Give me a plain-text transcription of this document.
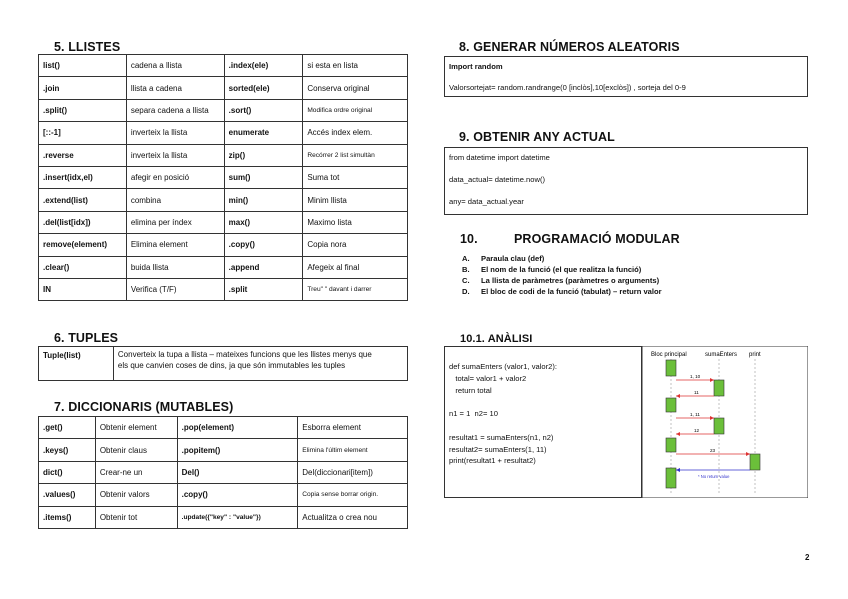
5. LLISTES
list()	cadena a llista	.index(ele)	si esta en lista
.join	llista a cadena	sorted(ele)	Conserva original
.split()	separa cadena a llista	.sort()	Modifica ordre original
[::-1]	inverteix la llista	enumerate	Accés index elem.
.reverse	inverteix la llista	zip()	Recórrer 2 list simultàn
.insert(idx,el)	afegir en posició	sum()	Suma tot
.extend(list)	combina	min()	Minim llista
.del(list[idx])	elimina per índex	max()	Maximo lista
remove(element)	Elimina element	.copy()	Copia nora
.clear()	buida llista	.append	Afegeix al final
IN	Verifica (T/F)	.split	Treu" " davant i darrer
6. TUPLES
Tuple(list)	Converteix la tupa a llista – mateixes funcions que les llistes menys que
els que canvien coses de dins, ja que són immutables les tuples
7. DICCIONARIS (MUTABLES)
.get()	Obtenir element	.pop(element)	Esborra element
.keys()	Obtenir claus	.popitem()	Elimina l'últim element
dict()	Crear-ne un	Del()	Del(diccionari[item])
.values()	Obtenir valors	.copy()	Copia sense borrar origin.
.items()	Obtenir tot	.update({"key" : "value"})	Actualitza o crea nou
8. GENERAR NÚMEROS ALEATORIS
Import random
Valorsortejat= random.randrange(0 [inclòs],10[exclòs]) , sorteja del 0-9
9. OBTENIR ANY ACTUAL
from datetime import datetime
data_actual= datetime.now()
any= data_actual.year
10.	PROGRAMACIÓ MODULAR
A. Paraula clau (def)
B. El nom de la funció (el que realitza la funció)
C. La llista de paràmetres (paràmetres o arguments)
D. El bloc de codi de la funció (tabulat) – return valor
10.1. ANÀLISI
def sumaEnters (valor1, valor2):
total= valor1 + valor2
return total
n1 = 1  n2= 10
resultat1 = sumaEnters(n1, n2)
resultat2= sumaEnters(1, 11)
print(resultat1 + resultat2)
Bloc principal	sumaEnters print
1, 10
11
1, 11
12
23
* No return value
2
